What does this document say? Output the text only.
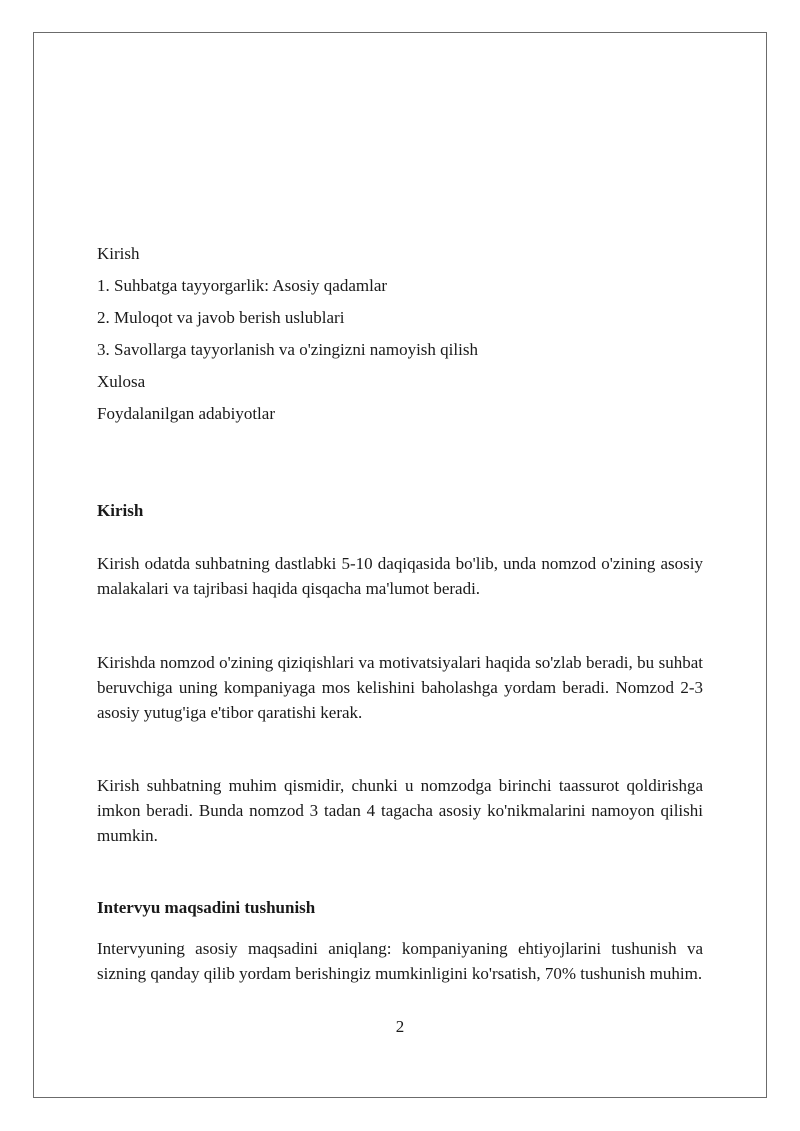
Kirish
1. Suhbatga tayyorgarlik: Asosiy qadamlar
2. Muloqot va javob berish uslublari
3. Savollarga tayyorlanish va o'zingizni namoyish qilish
Xulosa
Foydalanilgan adabiyotlar
Kirish
Kirish odatda suhbatning dastlabki 5-10 daqiqasida bo'lib, unda nomzod o'zining asosiy malakalari va tajribasi haqida qisqacha ma'lumot beradi.
Kirishda nomzod o'zining qiziqishlari va motivatsiyalari haqida so'zlab beradi, bu suhbat beruvchiga uning kompaniyaga mos kelishini baholashga yordam beradi. Nomzod 2-3 asosiy yutug'iga e'tibor qaratishi kerak.
Kirish suhbatning muhim qismidir, chunki u nomzodga birinchi taassurot qoldirishga imkon beradi. Bunda nomzod 3 tadan 4 tagacha asosiy ko'nikmalarini namoyon qilishi mumkin.
Intervyu maqsadini tushunish
Intervyuning asosiy maqsadini aniqlang: kompaniyaning ehtiyojlarini tushunish va sizning qanday qilib yordam berishingiz mumkinligini ko'rsatish, 70% tushunish muhim.
2
